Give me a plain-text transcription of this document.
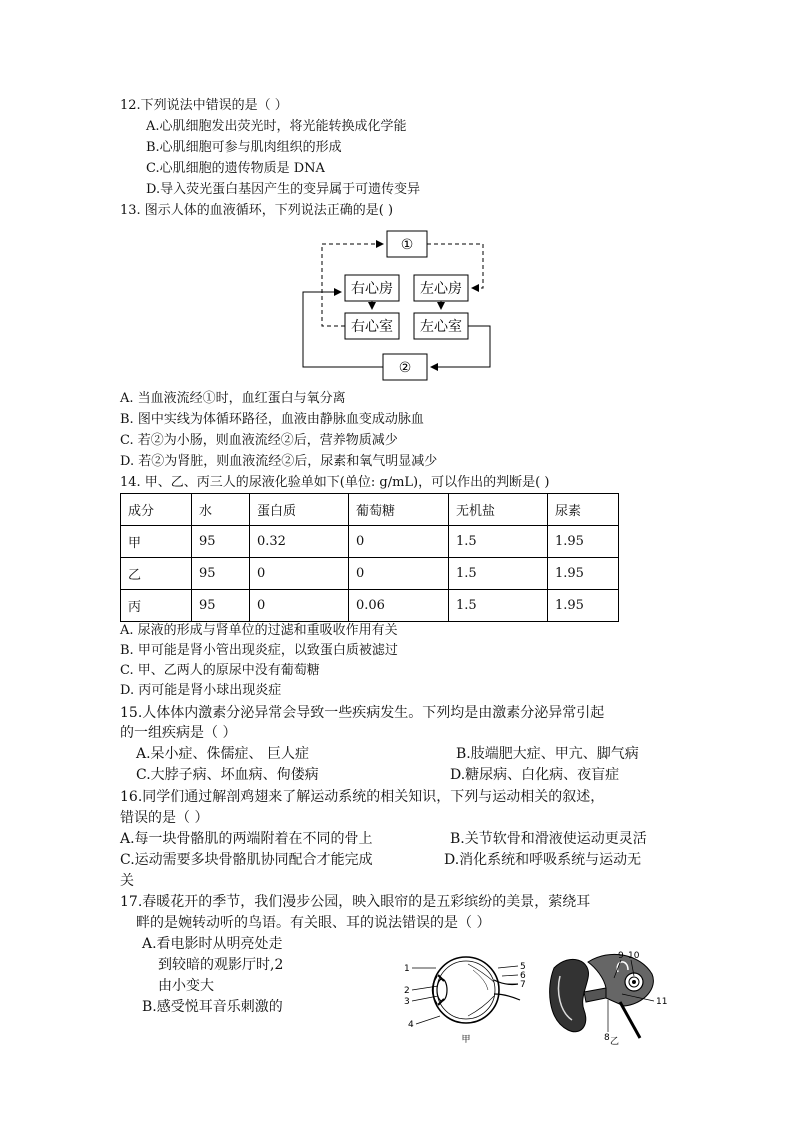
12.下列说法中错误的是（ ）
A.心肌细胞发出荧光时，将光能转换成化学能
B.心肌细胞可参与肌肉组织的形成
C.心肌细胞的遗传物质是 DNA
D.导入荧光蛋白基因产生的变异属于可遗传变异
13. 图示人体的血液循环，下列说法正确的是( )
①
右心房 左心房
右心室 左心室
②
A. 当血液流经①时，血红蛋白与氧分离
B. 图中实线为体循环路径，血液由静脉血变成动脉血
C. 若②为小肠，则血液流经②后，营养物质减少
D. 若②为肾脏，则血液流经②后，尿素和氧气明显减少
14. 甲、乙、丙三人的尿液化验单如下(单位: g/mL)，可以作出的判断是( )
成分	水	蛋白质	葡萄糖	无机盐	尿素
甲	95	0.32	0	1.5	1.95
乙	95	0	0	1.5	1.95
丙	95	0	0.06	1.5	1.95
A. 尿液的形成与肾单位的过滤和重吸收作用有关
B. 甲可能是肾小管出现炎症，以致蛋白质被滤过
C. 甲、乙两人的原尿中没有葡萄糖
D. 丙可能是肾小球出现炎症
15.人体体内激素分泌异常会导致一些疾病发生。下列均是由激素分泌异常引起
的一组疾病是（ ）
A.呆小症、侏儒症、 巨人症	B.肢端肥大症、甲亢、脚气病
C.大脖子病、坏血病、佝偻病	D.糖尿病、白化病、夜盲症
16.同学们通过解剖鸡翅来了解运动系统的相关知识，下列与运动相关的叙述，
错误的是（ ）
A.每一块骨骼肌的两端附着在不同的骨上	B.关节软骨和滑液使运动更灵活
C.运动需要多块骨骼肌协同配合才能完成	D.消化系统和呼吸系统与运动无
关
17.春暖花开的季节，我们漫步公园，映入眼帘的是五彩缤纷的美景，萦绕耳
畔的是婉转动听的鸟语。有关眼、耳的说法错误的是（ ）
A.看电影时从明亮处走
到较暗的观影厅时,2
由小变大
B.感受悦耳音乐刺激的
1
2
3
4
5
6
7
甲
9 10
11
8 乙
